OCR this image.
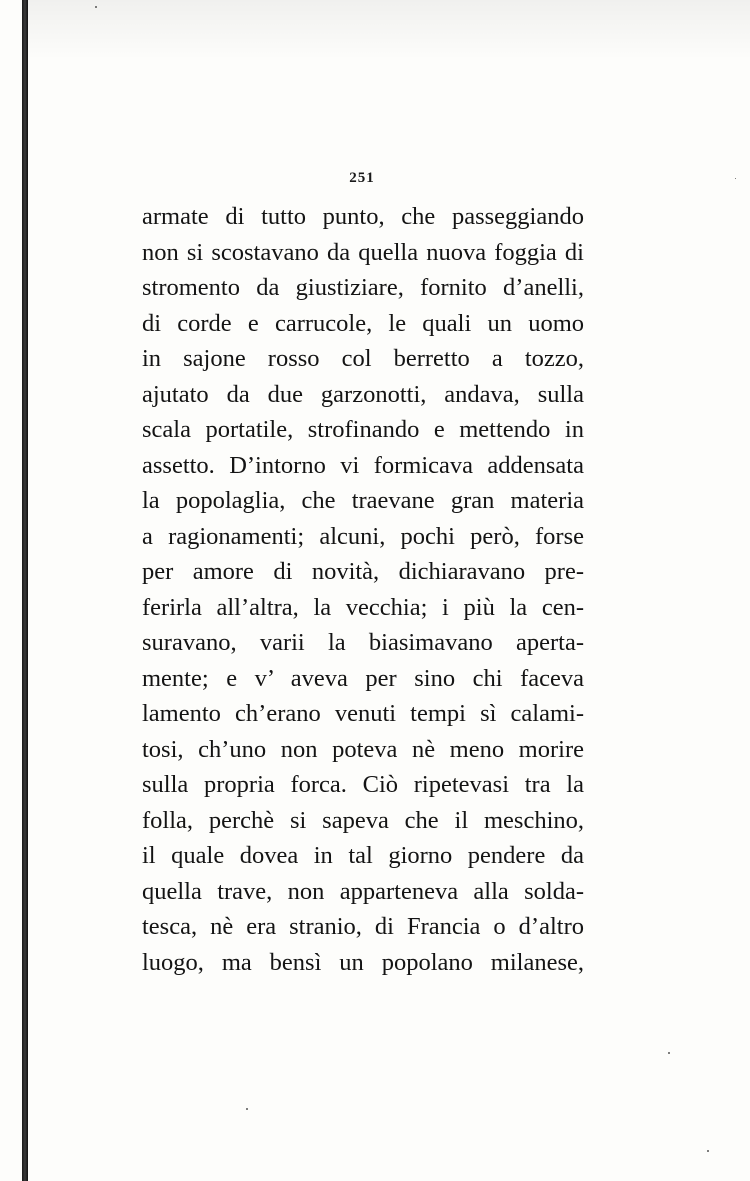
251
armate di tutto punto, che passeggiando
non si scostavano da quella nuova foggia di
stromento da giustiziare, fornito d’anelli,
di corde e carrucole, le quali un uomo
in sajone rosso col berretto a tozzo,
ajutato da due garzonotti, andava, sulla
scala portatile, strofinando e mettendo in
assetto. D’intorno vi formicava addensata
la popolaglia, che traevane gran materia
a ragionamenti; alcuni, pochi però, forse
per amore di novità, dichiaravano pre-
ferirla all’altra, la vecchia; i più la cen-
suravano, varii la biasimavano aperta-
mente; e v’ aveva per sino chi faceva
lamento ch’erano venuti tempi sì calami-
tosi, ch’uno non poteva nè meno morire
sulla propria forca. Ciò ripetevasi tra la
folla, perchè si sapeva che il meschino,
il quale dovea in tal giorno pendere da
quella trave, non apparteneva alla solda-
tesca, nè era stranio, di Francia o d’altro
luogo, ma bensì un popolano milanese,
